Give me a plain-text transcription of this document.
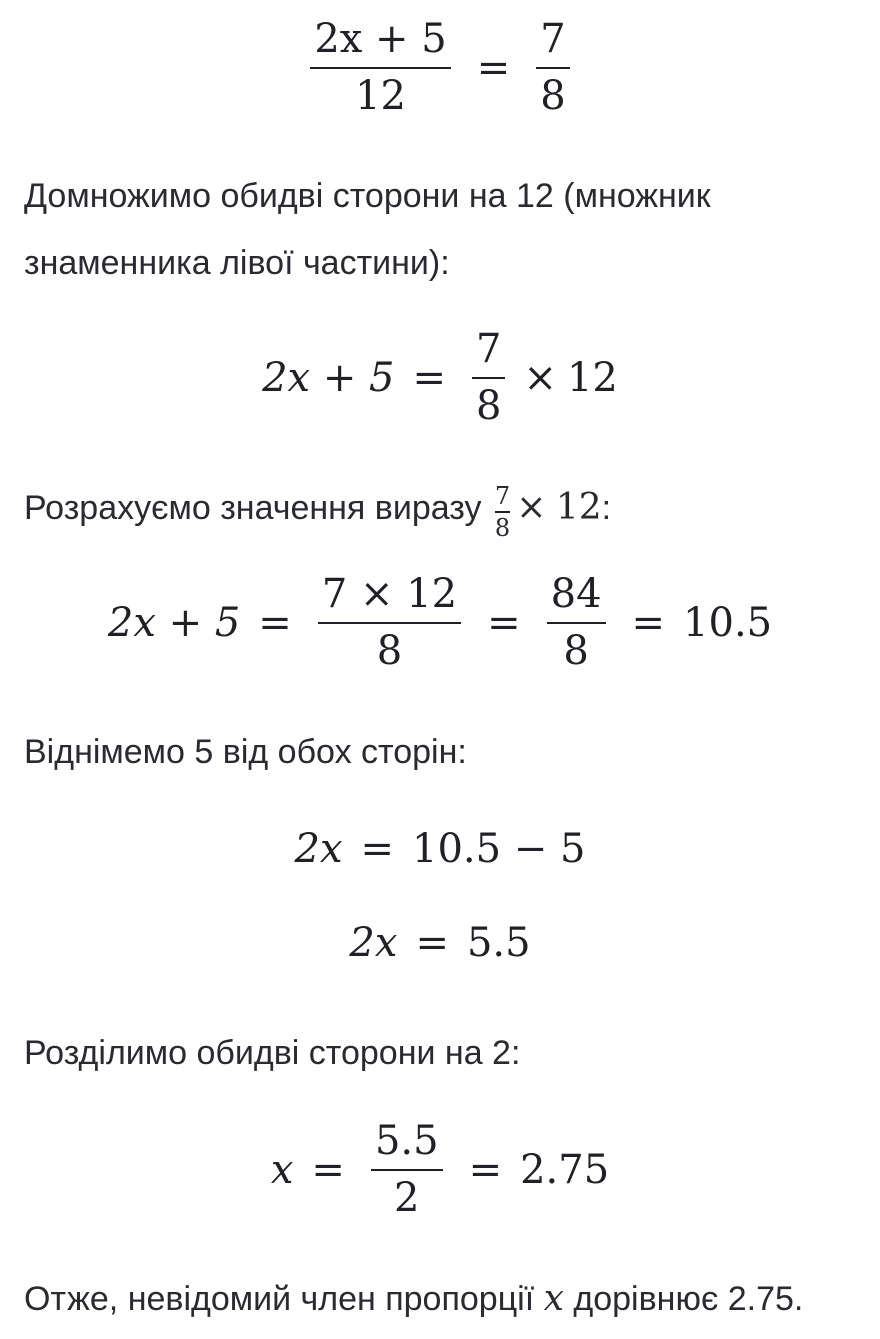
$\frac{2x + 5}{12} = \frac{7}{8}$
Домножимо обидві сторони на 12 (множник
знаменника лівої частини):
$2x + 5 = \frac{7}{8} \times 12$
Розрахуємо значення виразу $\frac{7}{8} \times 12$:
$2x + 5 = \frac{7 \times 12}{8} = \frac{84}{8} = 10.5$
Віднімемо 5 від обох сторін:
2x = 10.5 − 5
2x = 5.5
Розділимо обидві сторони на 2:
$x = \frac{5.5}{2} = 2.75$
Отже, невідомий член пропорції x дорівнює 2.75.
